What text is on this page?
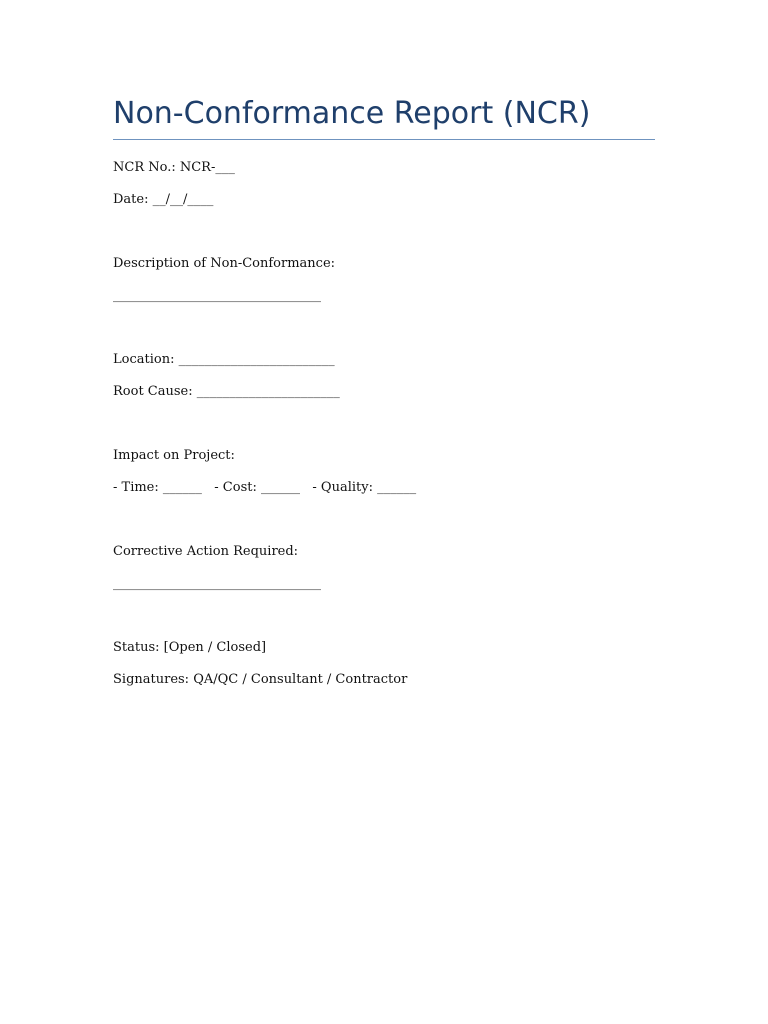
Non-Conformance Report (NCR)

NCR No.: NCR-___

Date: __/__/____

Description of Non-Conformance:

________________________________

Location: ________________________

Root Cause: ______________________

Impact on Project:

- Time: ______   - Cost: ______   - Quality: ______

Corrective Action Required:

________________________________

Status: [Open / Closed]

Signatures: QA/QC / Consultant / Contractor
